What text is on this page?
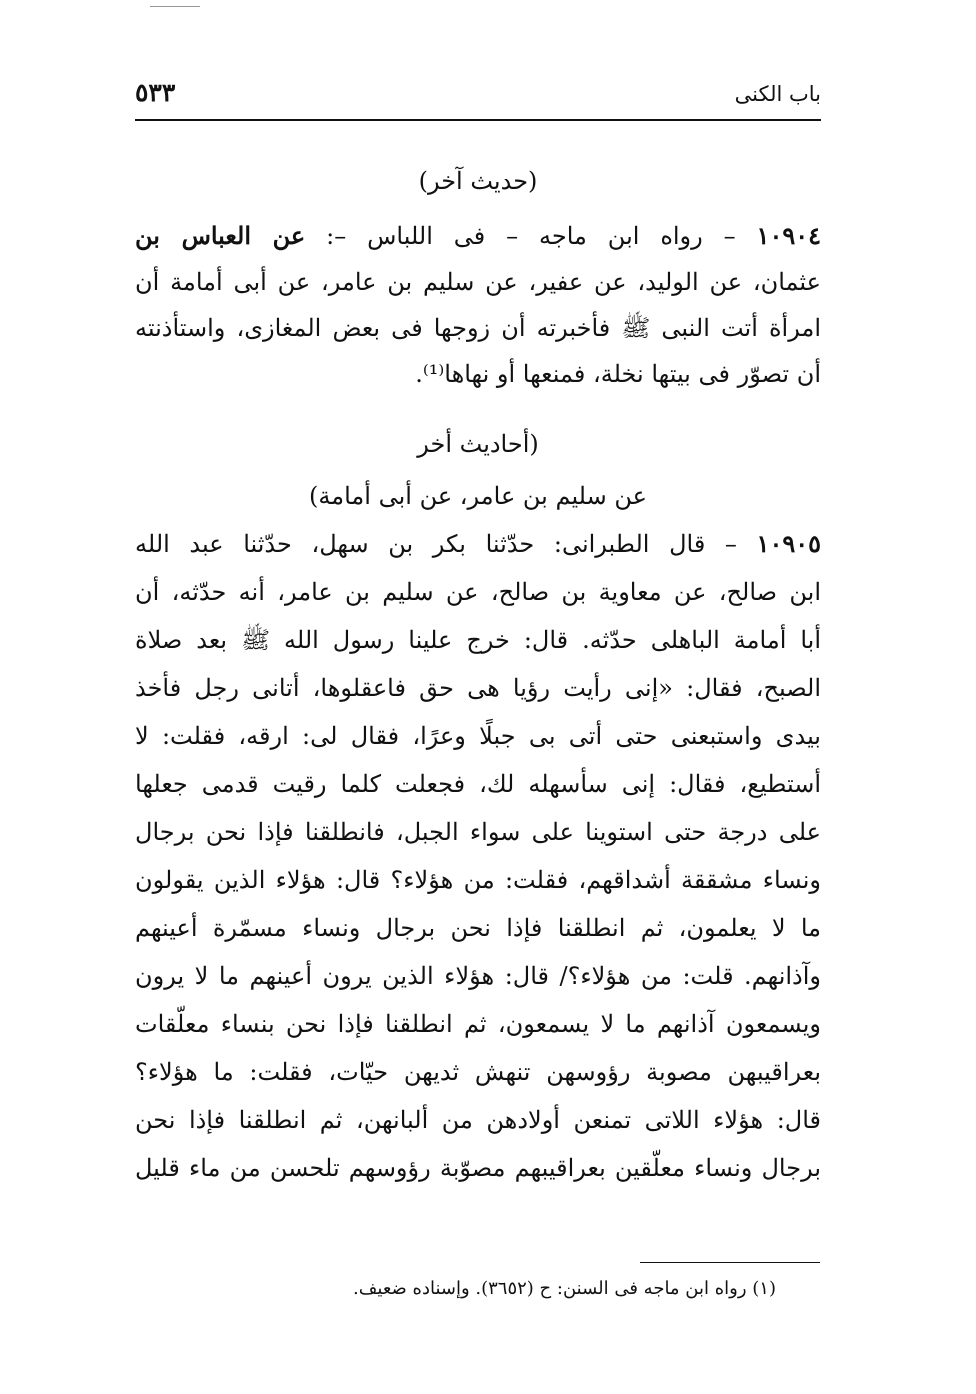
باب الكنى
٥٣٣
(حديث آخر)
١٠٩٠٤ – رواه ابن ماجه – فى اللباس –: عن العباس بن
عثمان، عن الوليد، عن عفير، عن سليم بن عامر، عن أبى أمامة أن
امرأة أتت النبى ﷺ فأخبرته أن زوجها فى بعض المغازى، واستأذنته
أن تصوّر فى بيتها نخلة، فمنعها أو نهاها⁽¹⁾.
(أحاديث أخر
عن سليم بن عامر، عن أبى أمامة)
١٠٩٠٥ – قال الطبرانى: حدّثنا بكر بن سهل، حدّثنا عبد الله
ابن صالح، عن معاوية بن صالح، عن سليم بن عامر، أنه حدّثه، أن
أبا أمامة الباهلى حدّثه. قال: خرج علينا رسول الله ﷺ بعد صلاة
الصبح، فقال: «إنى رأيت رؤيا هى حق فاعقلوها، أتانى رجل فأخذ
بيدى واستبعنى حتى أتى بى جبلًا وعرًا، فقال لى: ارقه، فقلت: لا
أستطيع، فقال: إنى سأسهله لك، فجعلت كلما رقيت قدمى جعلها
على درجة حتى استوينا على سواء الجبل، فانطلقنا فإذا نحن برجال
ونساء مشققة أشداقهم، فقلت: من هؤلاء؟ قال: هؤلاء الذين يقولون
ما لا يعلمون، ثم انطلقنا فإذا نحن برجال ونساء مسمّرة أعينهم
وآذانهم. قلت: من هؤلاء؟/ قال: هؤلاء الذين يرون أعينهم ما لا يرون
ويسمعون آذانهم ما لا يسمعون، ثم انطلقنا فإذا نحن بنساء معلّقات
بعراقيبهن مصوبة رؤوسهن تنهش ثديهن حيّات، فقلت: ما هؤلاء؟
قال: هؤلاء اللاتى تمنعن أولادهن من ألبانهن، ثم انطلقنا فإذا نحن
برجال ونساء معلّقين بعراقيبهم مصوّبة رؤوسهم تلحسن من ماء قليل
(١) رواه ابن ماجه فى السنن: ح (٣٦٥٢). وإسناده ضعيف.
